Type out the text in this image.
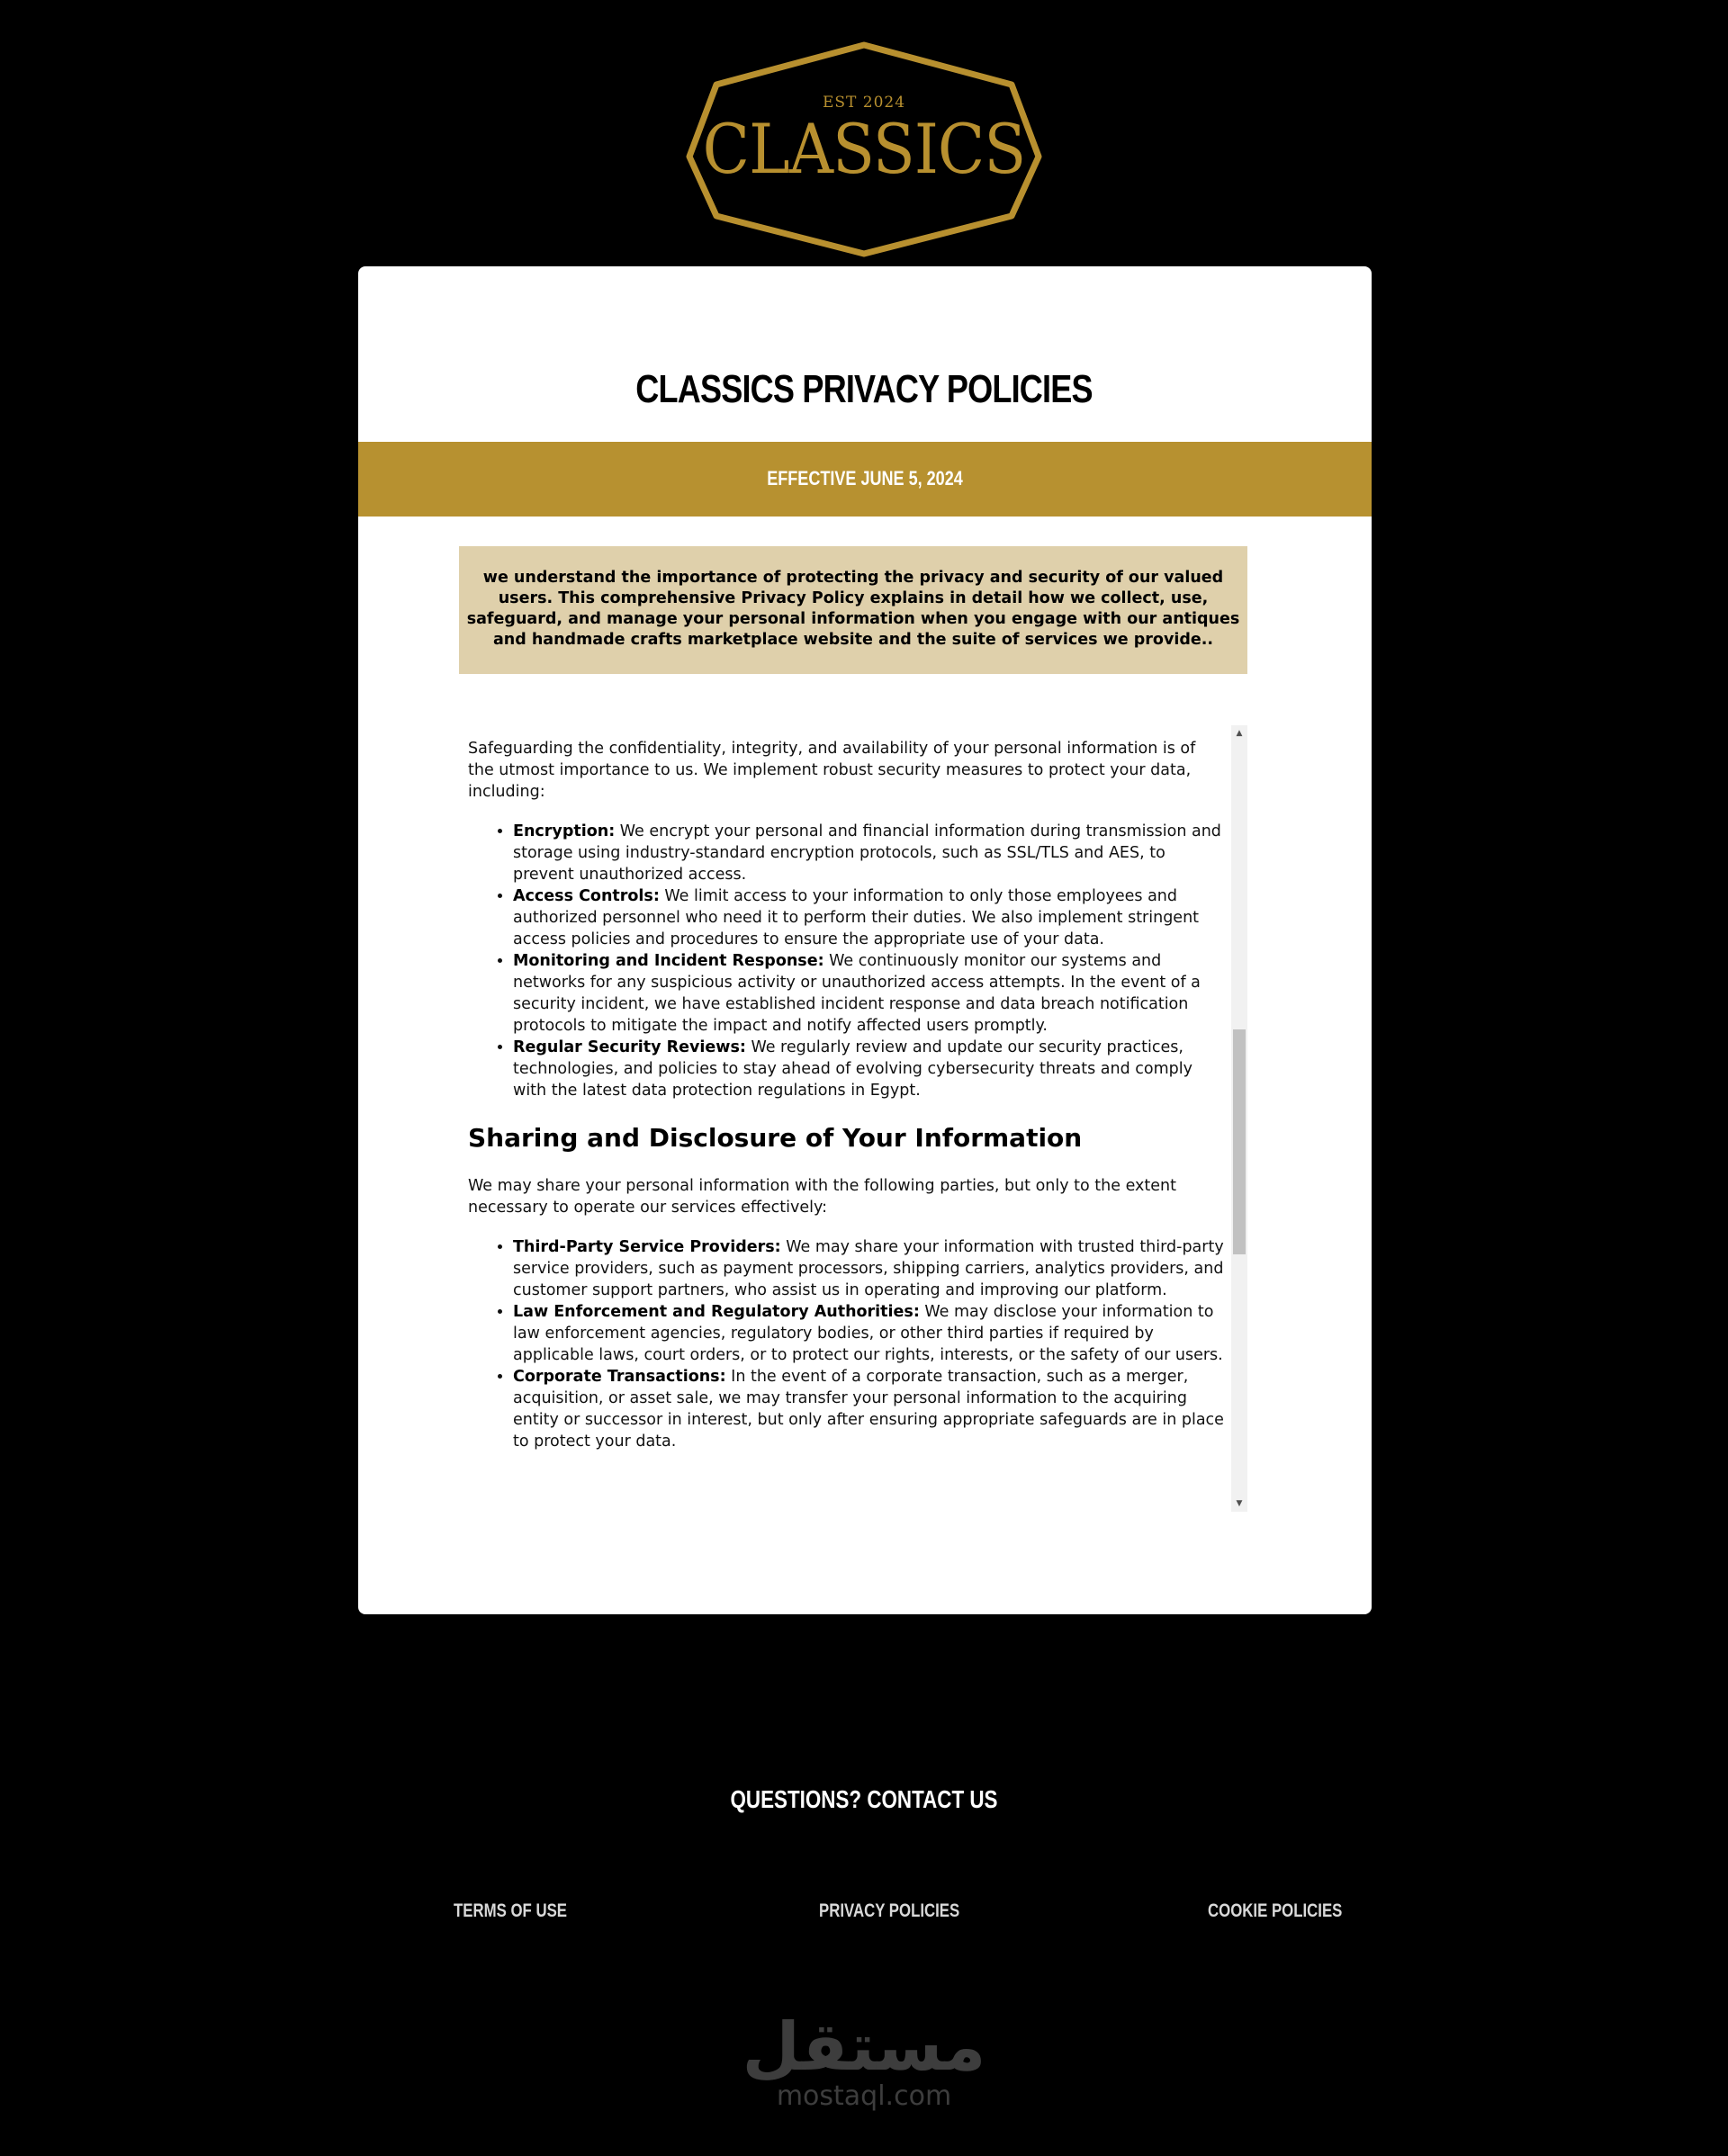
EST 2024
CLASSICS
CLASSICS PRIVACY POLICIES
EFFECTIVE JUNE 5, 2024
we understand the importance of protecting the privacy and security of our valued users. This comprehensive Privacy Policy explains in detail how we collect, use, safeguard, and manage your personal information when you engage with our antiques and handmade crafts marketplace website and the suite of services we provide..

Safeguarding the confidentiality, integrity, and availability of your personal information is of the utmost importance to us. We implement robust security measures to protect your data, including:

• Encryption: We encrypt your personal and financial information during transmission and storage using industry-standard encryption protocols, such as SSL/TLS and AES, to prevent unauthorized access.
• Access Controls: We limit access to your information to only those employees and authorized personnel who need it to perform their duties. We also implement stringent access policies and procedures to ensure the appropriate use of your data.
• Monitoring and Incident Response: We continuously monitor our systems and networks for any suspicious activity or unauthorized access attempts. In the event of a security incident, we have established incident response and data breach notification protocols to mitigate the impact and notify affected users promptly.
• Regular Security Reviews: We regularly review and update our security practices, technologies, and policies to stay ahead of evolving cybersecurity threats and comply with the latest data protection regulations in Egypt.
Sharing and Disclosure of Your Information

We may share your personal information with the following parties, but only to the extent necessary to operate our services effectively:

• Third-Party Service Providers: We may share your information with trusted third-party service providers, such as payment processors, shipping carriers, analytics providers, and customer support partners, who assist us in operating and improving our platform.
• Law Enforcement and Regulatory Authorities: We may disclose your information to law enforcement agencies, regulatory bodies, or other third parties if required by applicable laws, court orders, or to protect our rights, interests, or the safety of our users.
• Corporate Transactions: In the event of a corporate transaction, such as a merger, acquisition, or asset sale, we may transfer your personal information to the acquiring entity or successor in interest, but only after ensuring appropriate safeguards are in place to protect your data.
▲
▼
QUESTIONS? CONTACT US
TERMS OF USE	PRIVACY POLICIES	COOKIE POLICIES
مستقل
mostaql.com
